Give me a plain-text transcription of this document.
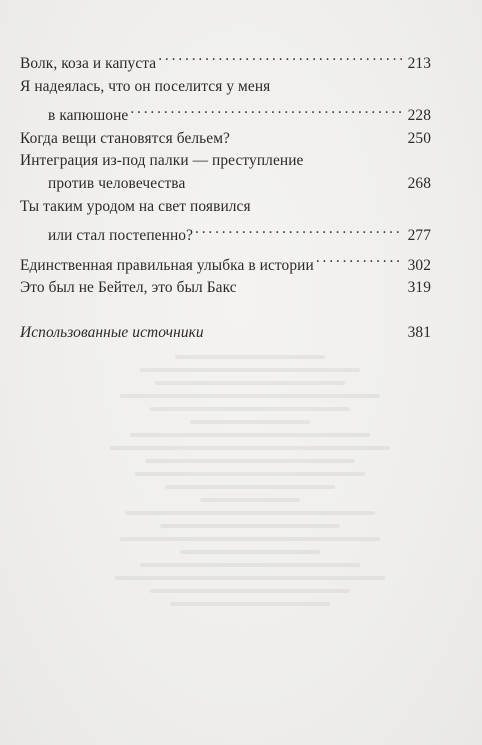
Волк, коза и капуста . . .	213
Я надеялась, что он поселится у меня
в капюшоне . . .	228
Когда вещи становятся бельем?	250
Интеграция из-под палки — преступление
против человечества	268
Ты таким уродом на свет появился
или стал постепенно? . . .	277
Единственная правильная улыбка в истории . . .	302
Это был не Бейтел, это был Бакс	319
Использованные источники	381
